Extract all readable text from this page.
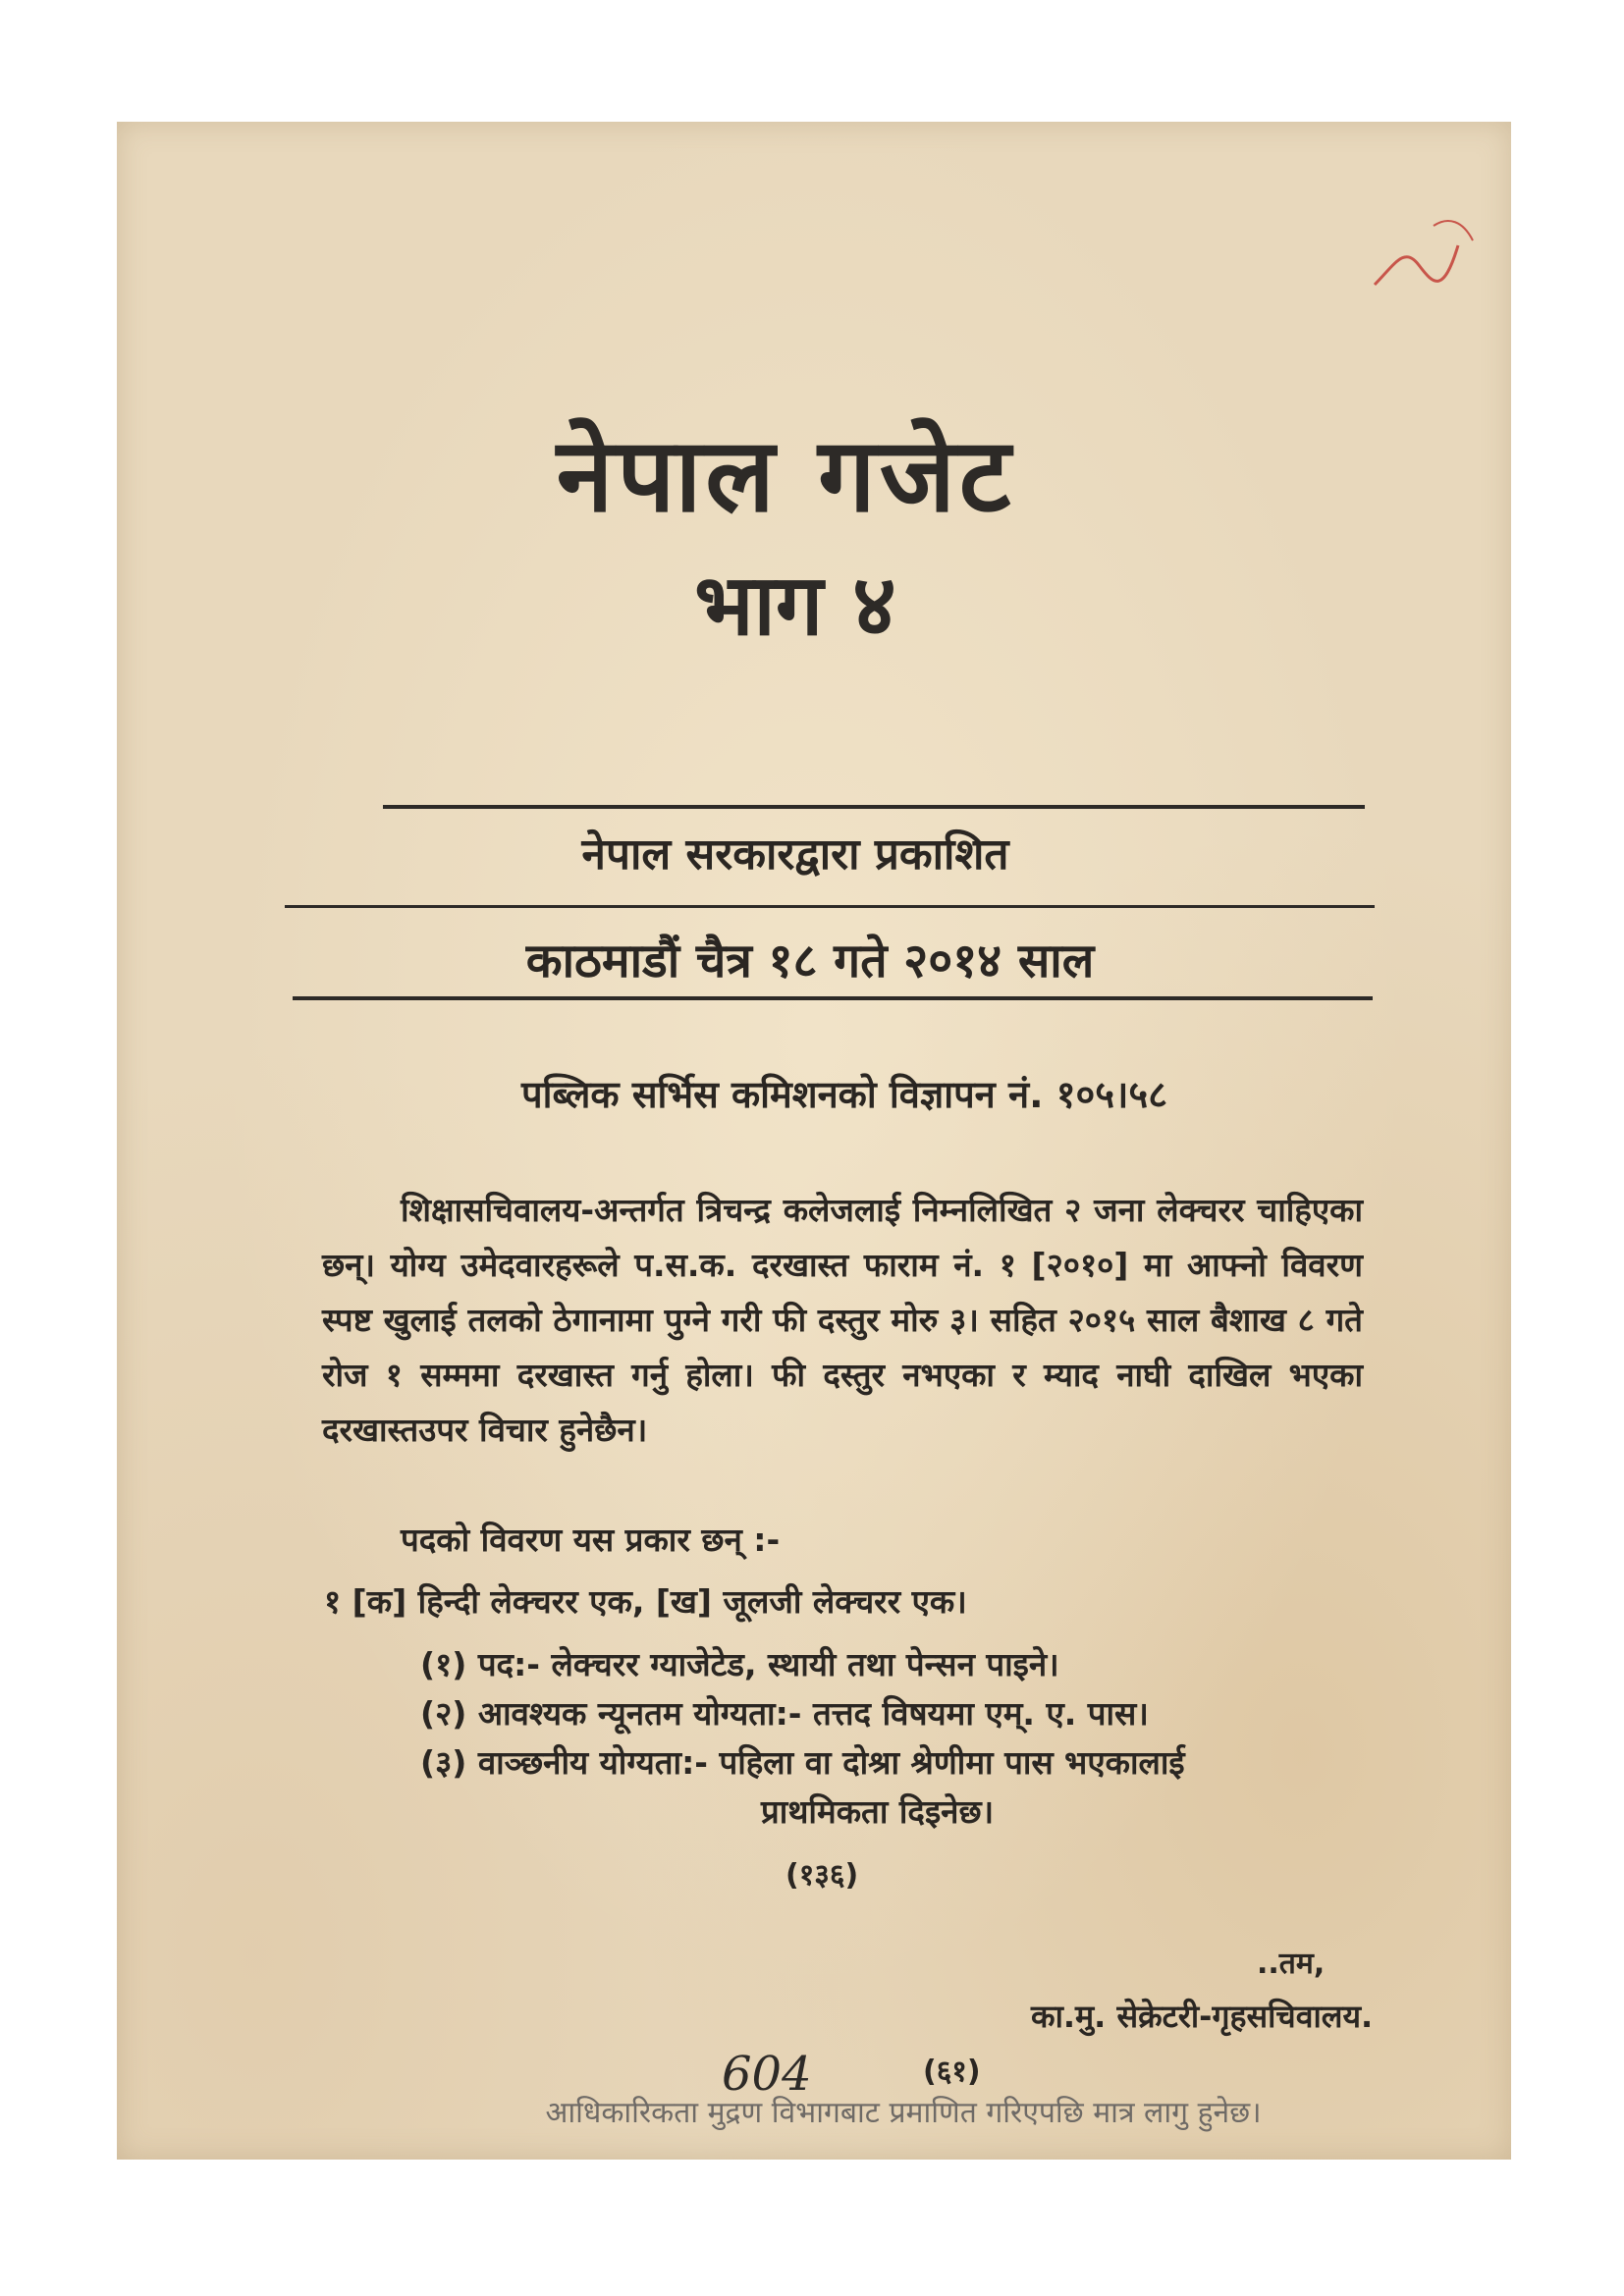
नेपाल गजेट
भाग ४
नेपाल सरकारद्वारा प्रकाशित
काठमाडौं चैत्र १८ गते २०१४ साल
पब्लिक सर्भिस कमिशनको विज्ञापन नं. १०५।५८

शिक्षासचिवालय-अन्तर्गत त्रिचन्द्र कलेजलाई निम्नलिखित २ जना लेक्चरर चाहिएका छन्। योग्य उमेदवारहरूले प.स.क. दरखास्त फाराम नं. १ [२०१०] मा आफ्नो विवरण स्पष्ट खुलाई तलको ठेगानामा पुग्ने गरी फी दस्तुर मोरु ३। सहित २०१५ साल बैशाख ८ गते रोज १ सम्ममा दरखास्त गर्नु होला। फी दस्तुर नभएका र म्याद नाघी दाखिल भएका दरखास्तउपर विचार हुनेछैन।

पदको विवरण यस प्रकार छन् :-
१ [क] हिन्दी लेक्चरर एक, [ख] जूलजी लेक्चरर एक।
(१) पद:- लेक्चरर ग्याजेटेड, स्थायी तथा पेन्सन पाइने।
(२) आवश्यक न्यूनतम योग्यता:- तत्तद विषयमा एम्. ए. पास।
(३) वाञ्छनीय योग्यता:- पहिला वा दोश्रा श्रेणीमा पास भएकालाई
प्राथमिकता दिइनेछ।
(१३६)
..तम,
का.मु. सेक्रेटरी-गृहसचिवालय.
604	(६१)
आधिकारिकता मुद्रण विभागबाट प्रमाणित गरिएपछि मात्र लागु हुनेछ।
